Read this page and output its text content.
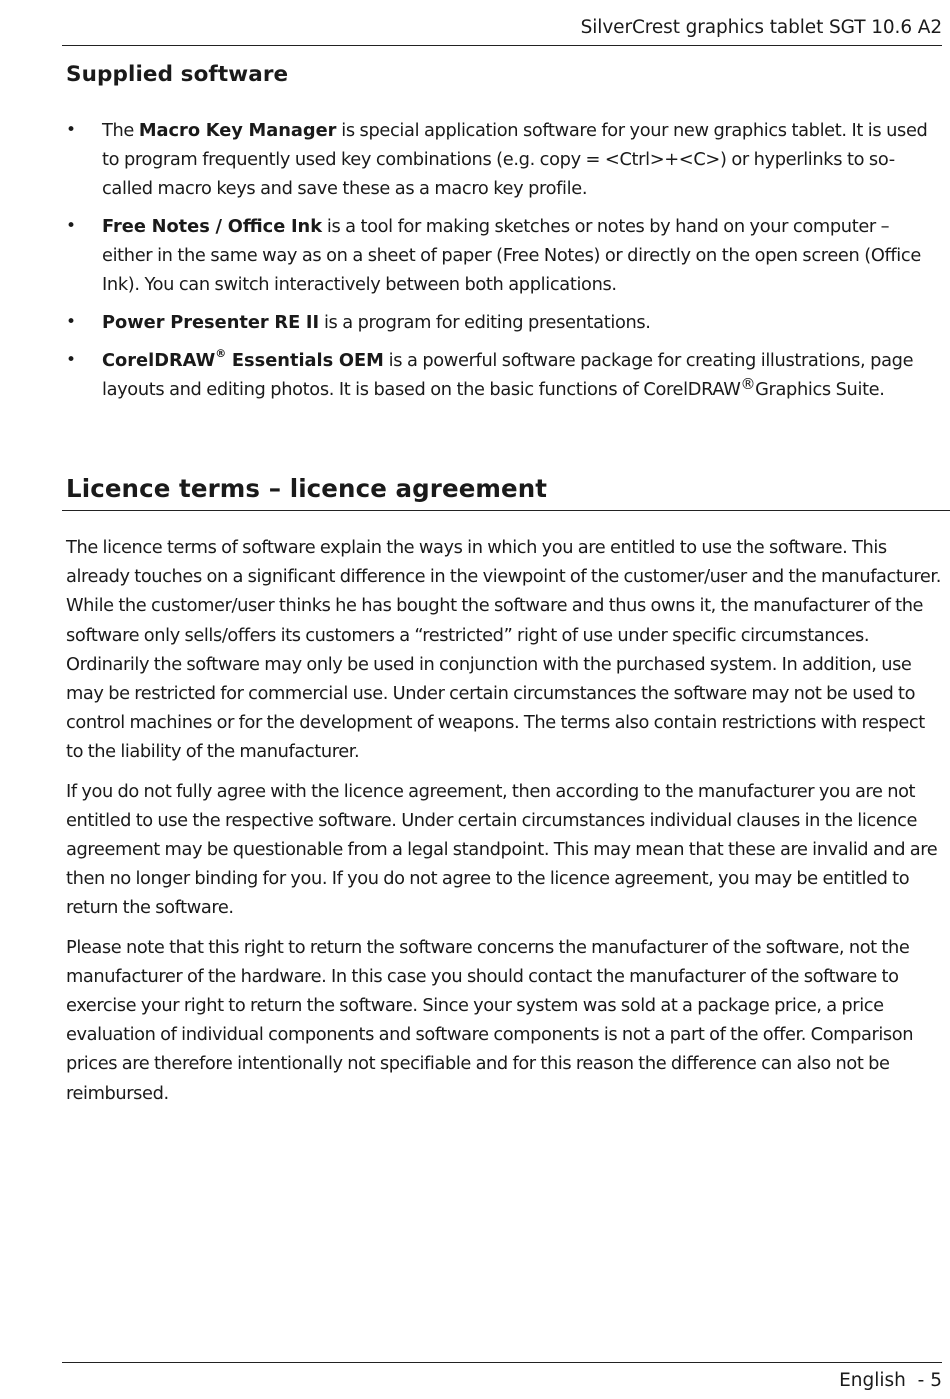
SilverCrest graphics tablet SGT 10.6 A2
Supplied software
• The Macro Key Manager is special application software for your new graphics tablet. It is used to program frequently used key combinations (e.g. copy = <Ctrl>+<C>) or hyperlinks to so-called macro keys and save these as a macro key profile.
• Free Notes / Office Ink is a tool for making sketches or notes by hand on your computer – either in the same way as on a sheet of paper (Free Notes) or directly on the open screen (Office Ink). You can switch interactively between both applications.
• Power Presenter RE II is a program for editing presentations.
• CorelDRAW® Essentials OEM is a powerful software package for creating illustrations, page layouts and editing photos. It is based on the basic functions of CorelDRAW®Graphics Suite.
Licence terms – licence agreement

The licence terms of software explain the ways in which you are entitled to use the software. This already touches on a significant difference in the viewpoint of the customer/user and the manufacturer. While the customer/user thinks he has bought the software and thus owns it, the manufacturer of the software only sells/offers its customers a “restricted” right of use under specific circumstances. Ordinarily the software may only be used in conjunction with the purchased system. In addition, use may be restricted for commercial use. Under certain circumstances the software may not be used to control machines or for the development of weapons. The terms also contain restrictions with respect to the liability of the manufacturer.

If you do not fully agree with the licence agreement, then according to the manufacturer you are not entitled to use the respective software. Under certain circumstances individual clauses in the licence agreement may be questionable from a legal standpoint. This may mean that these are invalid and are then no longer binding for you. If you do not agree to the licence agreement, you may be entitled to return the software.

Please note that this right to return the software concerns the manufacturer of the software, not the manufacturer of the hardware. In this case you should contact the manufacturer of the software to exercise your right to return the software. Since your system was sold at a package price, a price evaluation of individual components and software components is not a part of the offer. Comparison prices are therefore intentionally not specifiable and for this reason the difference can also not be reimbursed.

English  - 5
